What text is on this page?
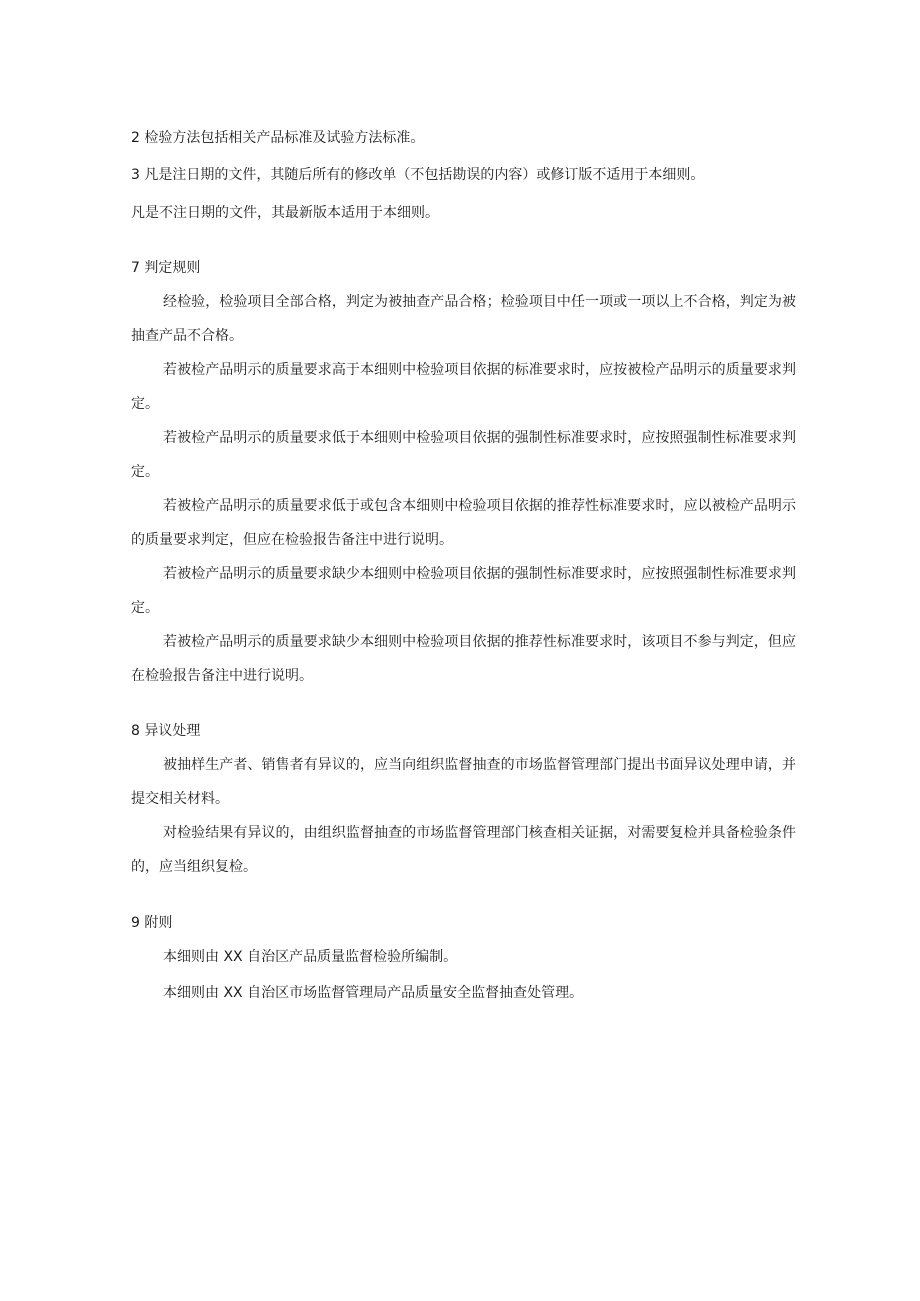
2 检验方法包括相关产品标准及试验方法标准。

3 凡是注日期的文件，其随后所有的修改单（不包括勘误的内容）或修订版不适用于本细则。

凡是不注日期的文件，其最新版本适用于本细则。

7 判定规则

经检验，检验项目全部合格，判定为被抽查产品合格；检验项目中任一项或一项以上不合格，判定为被抽查产品不合格。

若被检产品明示的质量要求高于本细则中检验项目依据的标准要求时，应按被检产品明示的质量要求判定。

若被检产品明示的质量要求低于本细则中检验项目依据的强制性标准要求时，应按照强制性标准要求判定。

若被检产品明示的质量要求低于或包含本细则中检验项目依据的推荐性标准要求时，应以被检产品明示的质量要求判定，但应在检验报告备注中进行说明。

若被检产品明示的质量要求缺少本细则中检验项目依据的强制性标准要求时，应按照强制性标准要求判定。

若被检产品明示的质量要求缺少本细则中检验项目依据的推荐性标准要求时，该项目不参与判定，但应在检验报告备注中进行说明。

8 异议处理

被抽样生产者、销售者有异议的，应当向组织监督抽查的市场监督管理部门提出书面异议处理申请，并提交相关材料。

对检验结果有异议的，由组织监督抽查的市场监督管理部门核查相关证据，对需要复检并具备检验条件的，应当组织复检。

9 附则

本细则由 XX 自治区产品质量监督检验所编制。

本细则由 XX 自治区市场监督管理局产品质量安全监督抽查处管理。
